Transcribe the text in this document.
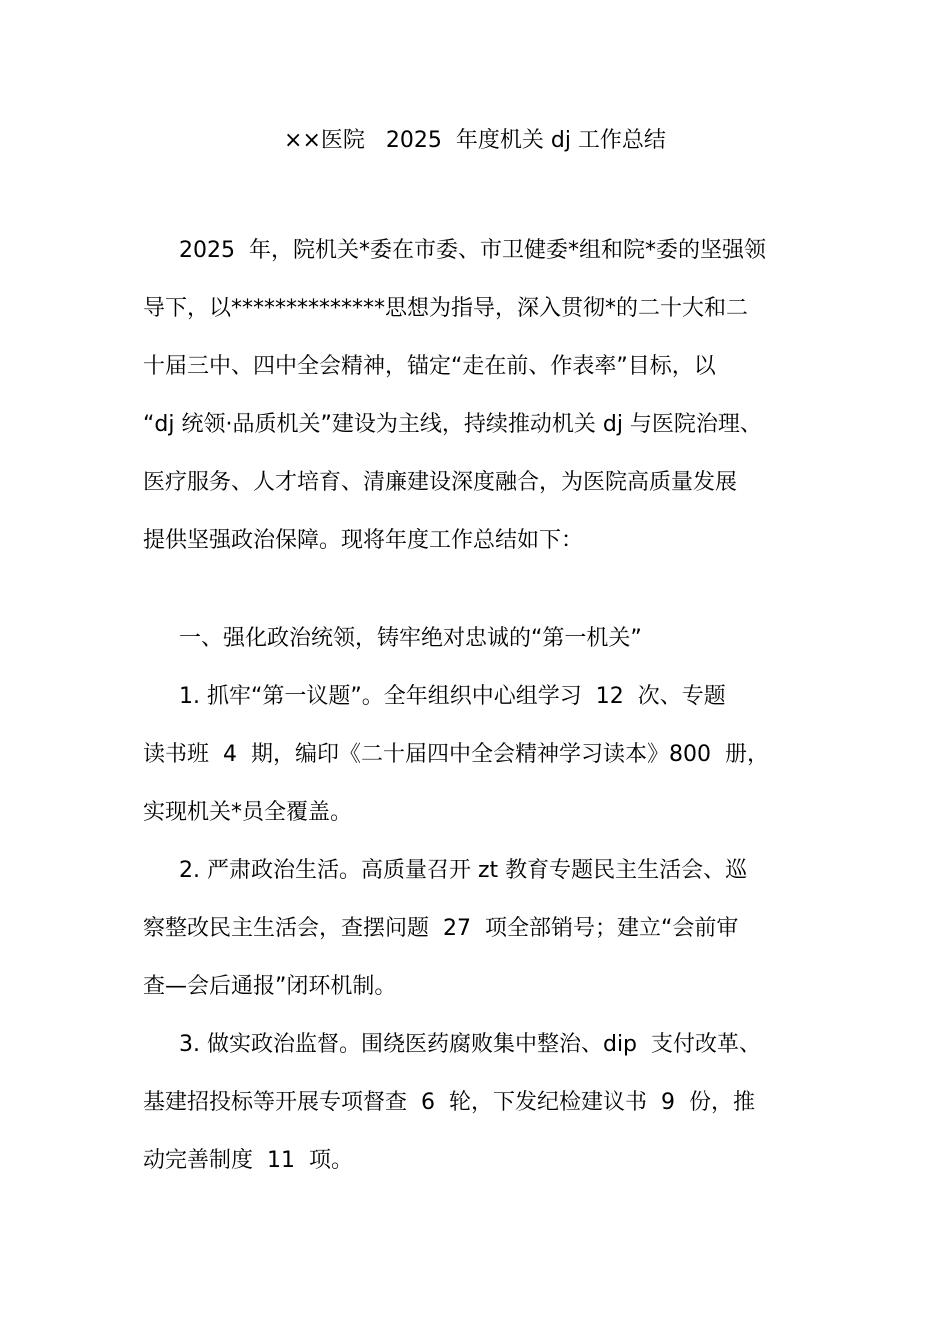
××医院   2025  年度机关 dj 工作总结
2025  年，院机关*委在市委、市卫健委*组和院*委的坚强领
导下，以**************思想为指导，深入贯彻*的二十大和二
十届三中、四中全会精神，锚定“走在前、作表率”目标，以
“dj 统领·品质机关”建设为主线，持续推动机关 dj 与医院治理、
医疗服务、人才培育、清廉建设深度融合，为医院高质量发展
提供坚强政治保障。现将年度工作总结如下：
一、强化政治统领，铸牢绝对忠诚的“第一机关”
1. 抓牢“第一议题”。全年组织中心组学习  12  次、专题
读书班  4  期，编印《二十届四中全会精神学习读本》800  册，
实现机关*员全覆盖。
2. 严肃政治生活。高质量召开 zt 教育专题民主生活会、巡
察整改民主生活会，查摆问题  27  项全部销号；建立“会前审
查—会后通报”闭环机制。
3. 做实政治监督。围绕医药腐败集中整治、dip  支付改革、
基建招投标等开展专项督查  6  轮，下发纪检建议书  9  份，推
动完善制度  11  项。
